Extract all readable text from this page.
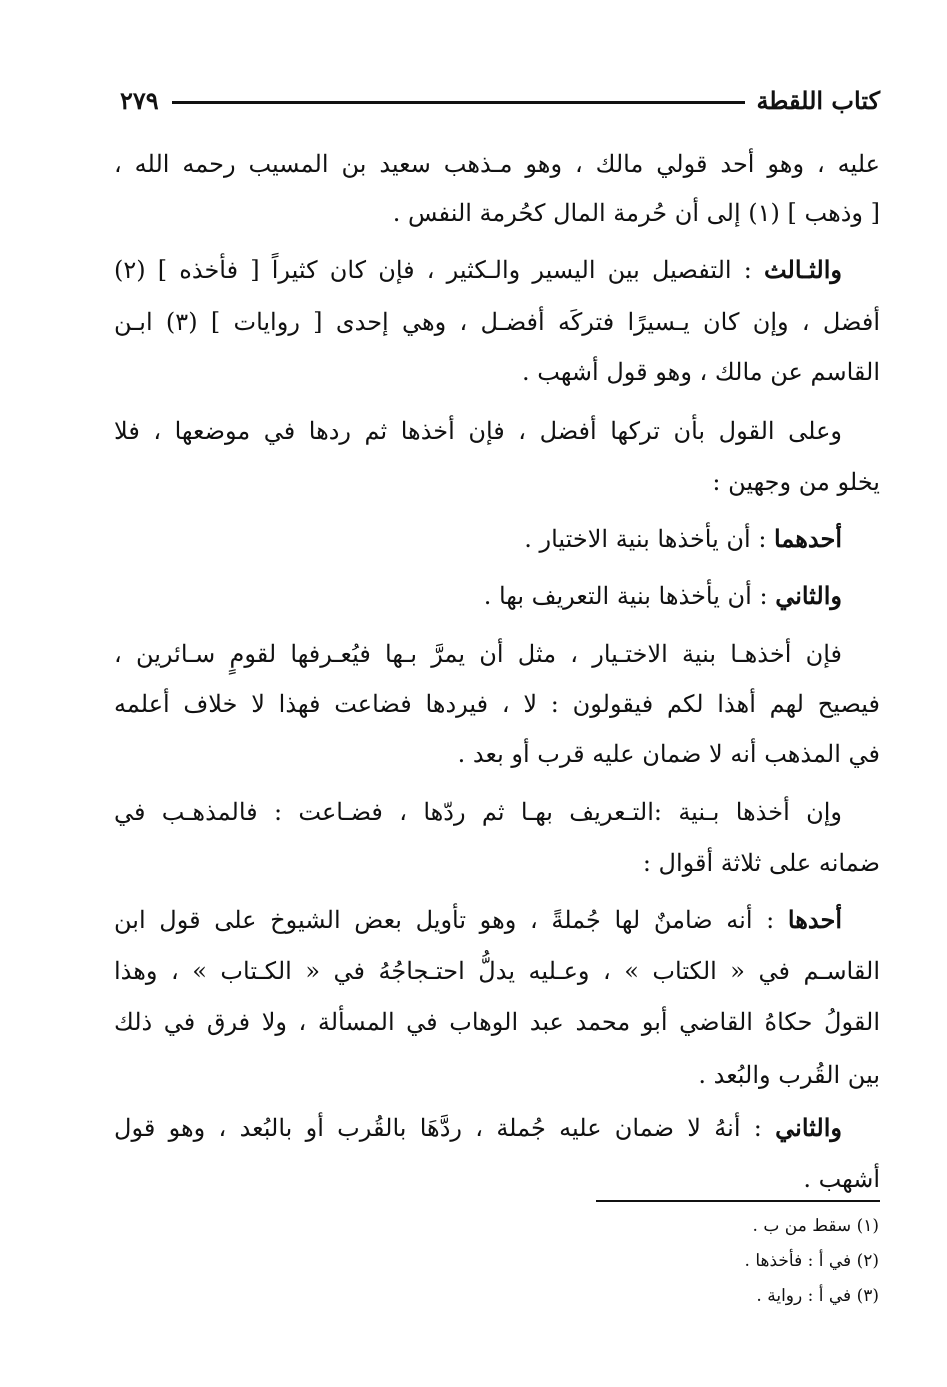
كتاب اللقطة
٢٧٩
عليه ، وهو أحد قولي مالك ، وهو مـذهب سعيد بن المسيب رحمه الله ،
[ وذهب ] (١) إلى أن حُرمة المال كحُرمة النفس .
والثـالث : التفصيل بين اليسير والـكثير ، فإن كان كثيراً [ فأخذه ] (٢)
أفضل ، وإن كان يـسيرًا فتركَه أفضـل ، وهي إحدى [ روايات ] (٣) ابـن
القاسم عن مالك ، وهو قول أشهب .
وعلى القول بأن تركها أفضل ، فإن أخذها ثم ردها في موضعها ، فلا
يخلو من وجهين :
أحدهما : أن يأخذها بنية الاختيار .
والثاني : أن يأخذها بنية التعريف بها .
فإن أخذهـا بنية الاختـيار ، مثل أن يمرَّ بـها فيُعـرفها لقومٍ سـائرين ،
فيصيح لهم أهذا لكم فيقولون : لا ، فيردها فضاعت فهذا لا خلاف أعلمه
في المذهب أنه لا ضمان عليه قرب أو بعد .
وإن أخذها بـنية :التـعريف بهـا ثم ردّها ، فضـاعت : فالمذهـب في
ضمانه على ثلاثة أقوال :
أحدها : أنه ضامنٌ لها جُملةً ، وهو تأويل بعض الشيوخ على قول ابن
القاسـم في « الكتاب » ، وعـليه يدلُّ احتـجاجُهُ في « الكـتاب » ، وهذا
القولُ حكاهُ القاضي أبو محمد عبد الوهاب في المسألة ، ولا فرق في ذلك
بين القُرب والبُعد .
والثاني : أنهُ لا ضمان عليه جُملة ، ردَّهَا بالقُرب أو بالبُعد ، وهو قول
أشهب .
(١) سقط من ب .
(٢) في أ : فأخذها .
(٣) في أ : رواية .
